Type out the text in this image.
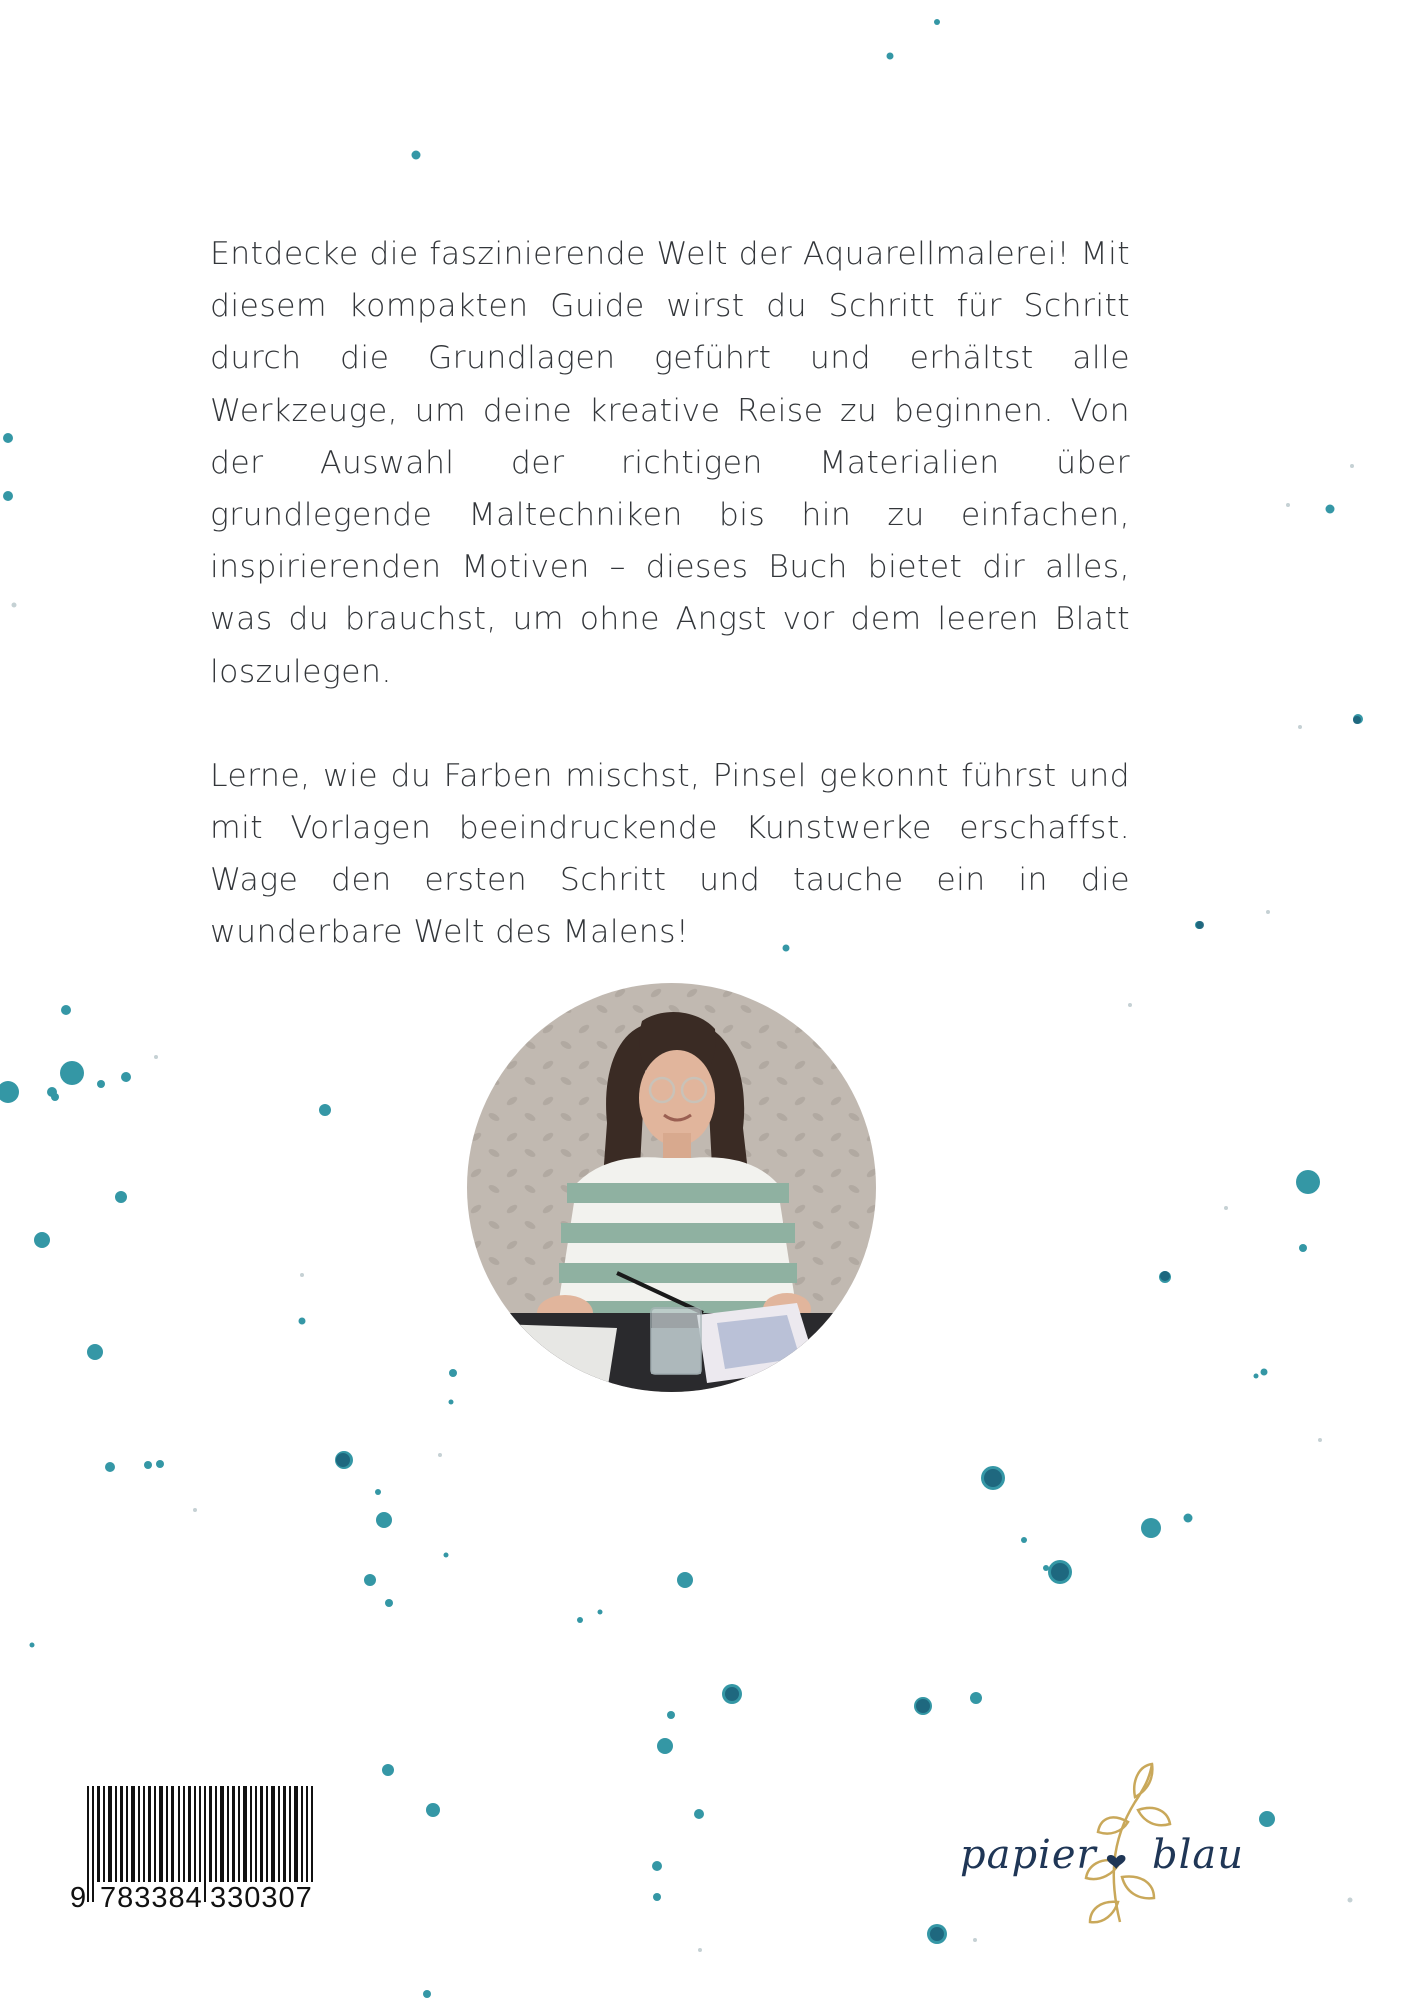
Entdecke die faszinierende Welt der Aquarellmalerei! Mit diesem kompakten Guide wirst du Schritt für Schritt durch die Grundlagen geführt und erhältst alle Werkzeuge, um deine kreative Reise zu beginnen. Von der Auswahl der richtigen Materialien über grundlegende Maltechniken bis hin zu einfachen, inspirierenden Motiven – dieses Buch bietet dir alles, was du brauchst, um ohne Angst vor dem leeren Blatt loszulegen.

Lerne, wie du Farben mischst, Pinsel gekonnt führst und mit Vorlagen beeindruckende Kunstwerke erschaffst. Wage den ersten Schritt und tauche ein in die wunderbare Welt des Malens!

9 783384 330307
papier blau
